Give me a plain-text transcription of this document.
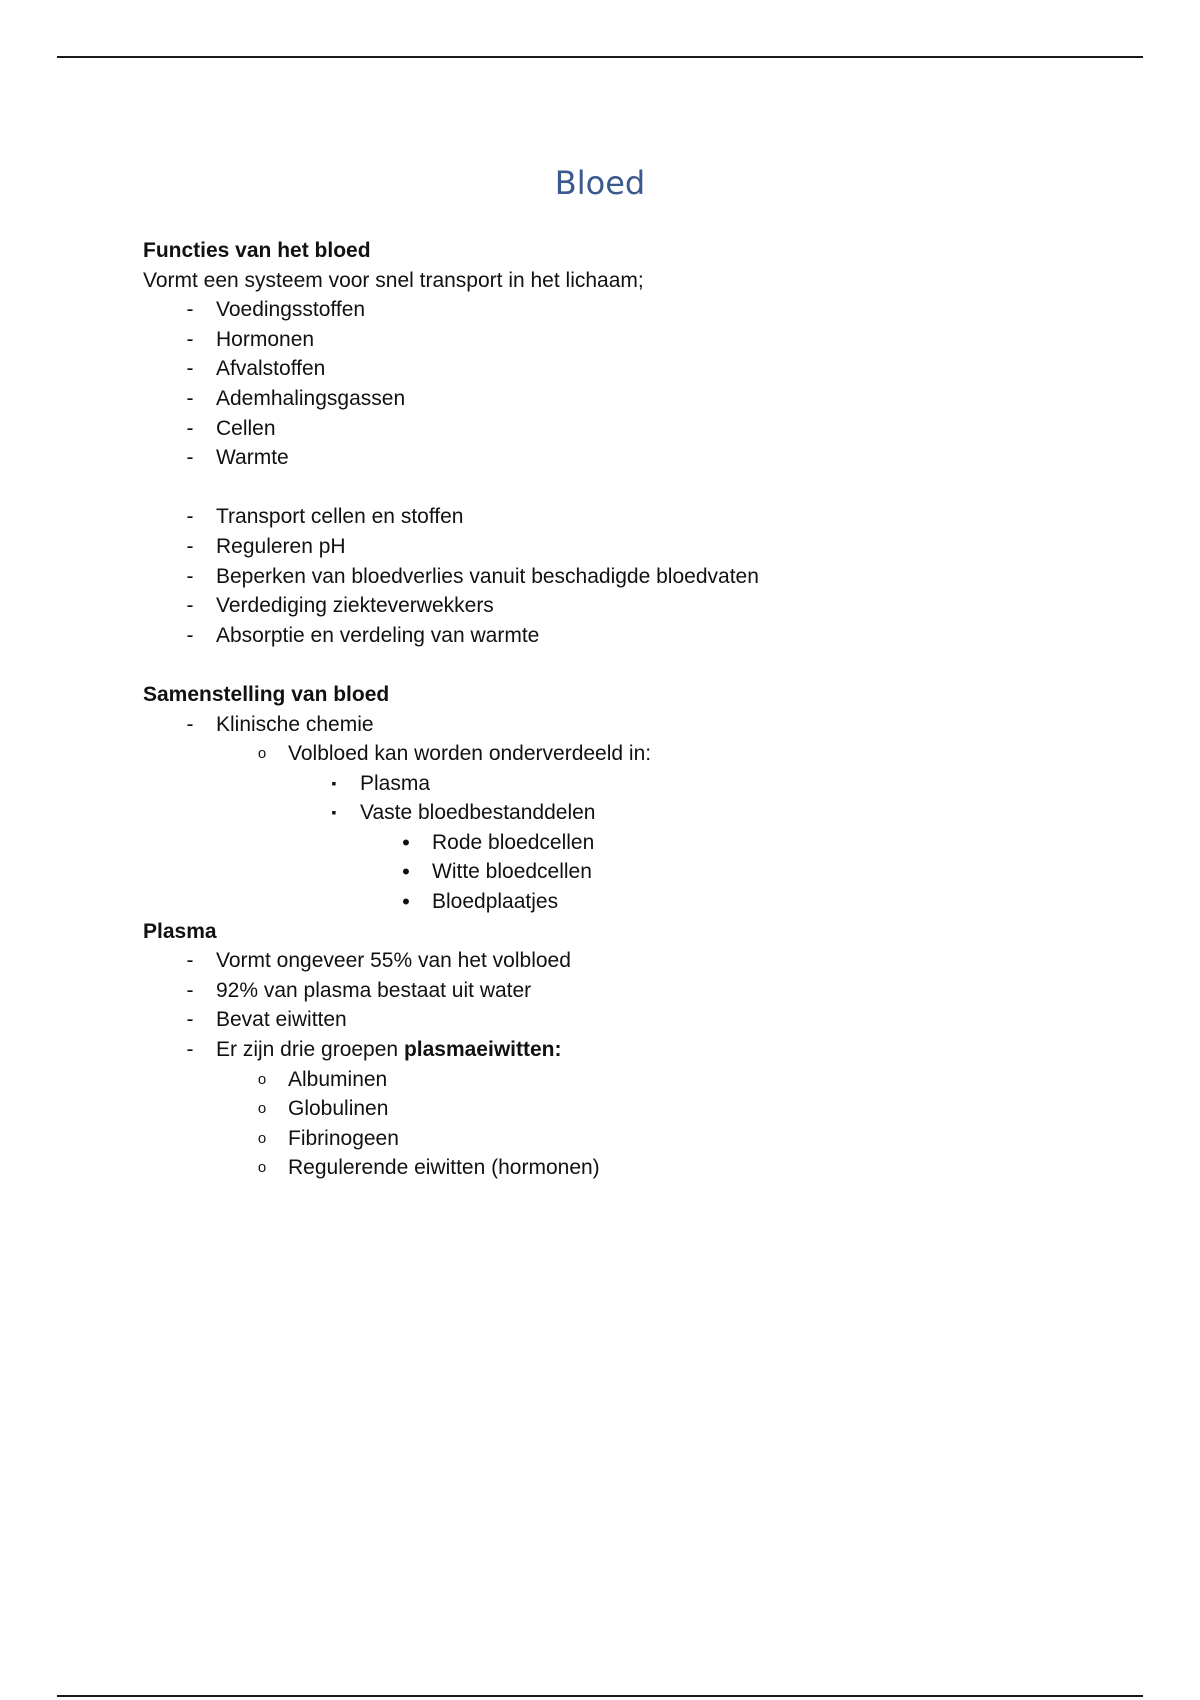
Bloed
Functies van het bloed
Vormt een systeem voor snel transport in het lichaam;
-	Voedingsstoffen
-	Hormonen
-	Afvalstoffen
-	Ademhalingsgassen
-	Cellen
-	Warmte
-	Transport cellen en stoffen
-	Reguleren pH
-	Beperken van bloedverlies vanuit beschadigde bloedvaten
-	Verdediging ziekteverwekkers
-	Absorptie en verdeling van warmte
Samenstelling van bloed
-	Klinische chemie
o Volbloed kan worden onderverdeeld in:
▪	Plasma
▪	Vaste bloedbestanddelen
• Rode bloedcellen
• Witte bloedcellen
• Bloedplaatjes
Plasma
-	Vormt ongeveer 55% van het volbloed
-	92% van plasma bestaat uit water
-	Bevat eiwitten
-	Er zijn drie groepen plasmaeiwitten:
o Albuminen
o Globulinen
o Fibrinogeen
o Regulerende eiwitten (hormonen)
